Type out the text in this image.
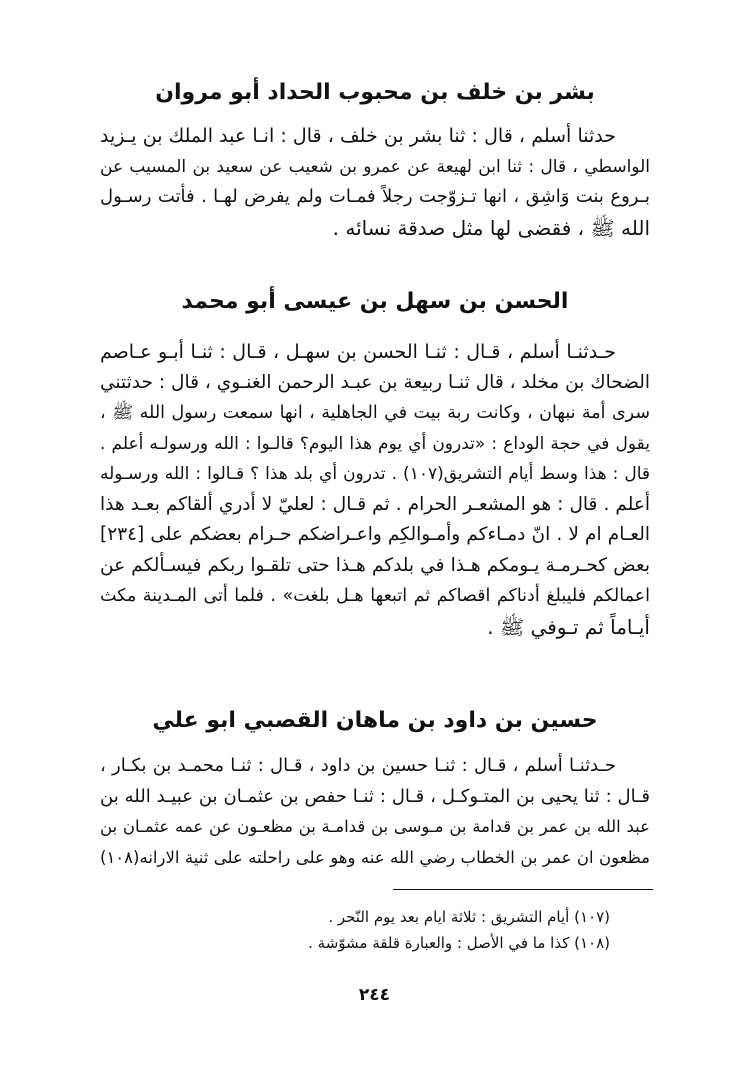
بشر بن خلف بن محبوب الحداد أبو مروان
حدثنا أسلم ، قال : ثنا بشر بن خلف ، قال : انـا عبد الملك بن يـزيد
الواسطي ، قال : ثنا ابن لهيعة عن عمرو بن شعيب عن سعيد بن المسيب عن
بـروع بنت وَاشِق ، انها تـزوّجت رجلاً فمـات ولم يفرض لهـا . فأتت رسـول
الله ﷺ ، فقضى لها مثل صدقة نسائه .
الحسن بن سهل بن عيسى أبو محمد
حـدثنـا أسلم ، قـال : ثنـا الحسن بن سهـل ، قـال : ثنـا أبـو عـاصم
الضحاك بن مخلد ، قال ثنـا ربيعة بن عبـد الرحمن الغنـوي ، قال : حدثتني
سرى أمة نبهان ، وكانت ربة بيت في الجاهلية ، انها سمعت رسول الله ﷺ ،
يقول في حجة الوداع : «تدرون أي يوم هذا اليوم؟ قالـوا : الله ورسولـه أعلم .
قال : هذا وسط أيام التشريق(١٠٧) . تدرون أي بلد هذا ؟ قـالوا : الله ورسـوله
أعلم . قال : هو المشعـر الحرام . ثم قـال : لعليّ لا أدري ألقاكم بعـد هذا
العـام ام لا . انّ دمـاءكم وأمـوالكِم واعـراضكم حـرام بعضكم على [٢٣٤]
بعض كحـرمـة يـومكم هـذا في بلدكم هـذا حتى تلقـوا ربكم فيسـألكم عن
اعمالكم فليبلغ أدناكم اقصاكم ثم اتبعها هـل بلغت» . فلما أتى المـدينة مكث
أيـاماً ثم تـوفي ﷺ .
حسين بن داود بن ماهان القصبي ابو علي
حـدثنـا أسلم ، قـال : ثنـا حسين بن داود ، قـال : ثنـا محمـد بن بكـار ،
قـال : ثنا يحيى بن المتـوكـل ، قـال : ثنـا حفص بن عثمـان بن عبيـد الله بن
عبد الله بن عمر بن قدامة بن مـوسى بن قدامـة بن مظعـون عن عمه عثمـان بن
مظعون ان عمر بن الخطاب رضي الله عنه وهو على راحلته على ثنية الارانه(١٠٨)
(١٠٧) أيام التشريق : ثلاثة ايام بعد يوم النّحر .
(١٠٨) كذا ما في الأصل : والعبارة قلقة مشوّشة .
٢٤٤
